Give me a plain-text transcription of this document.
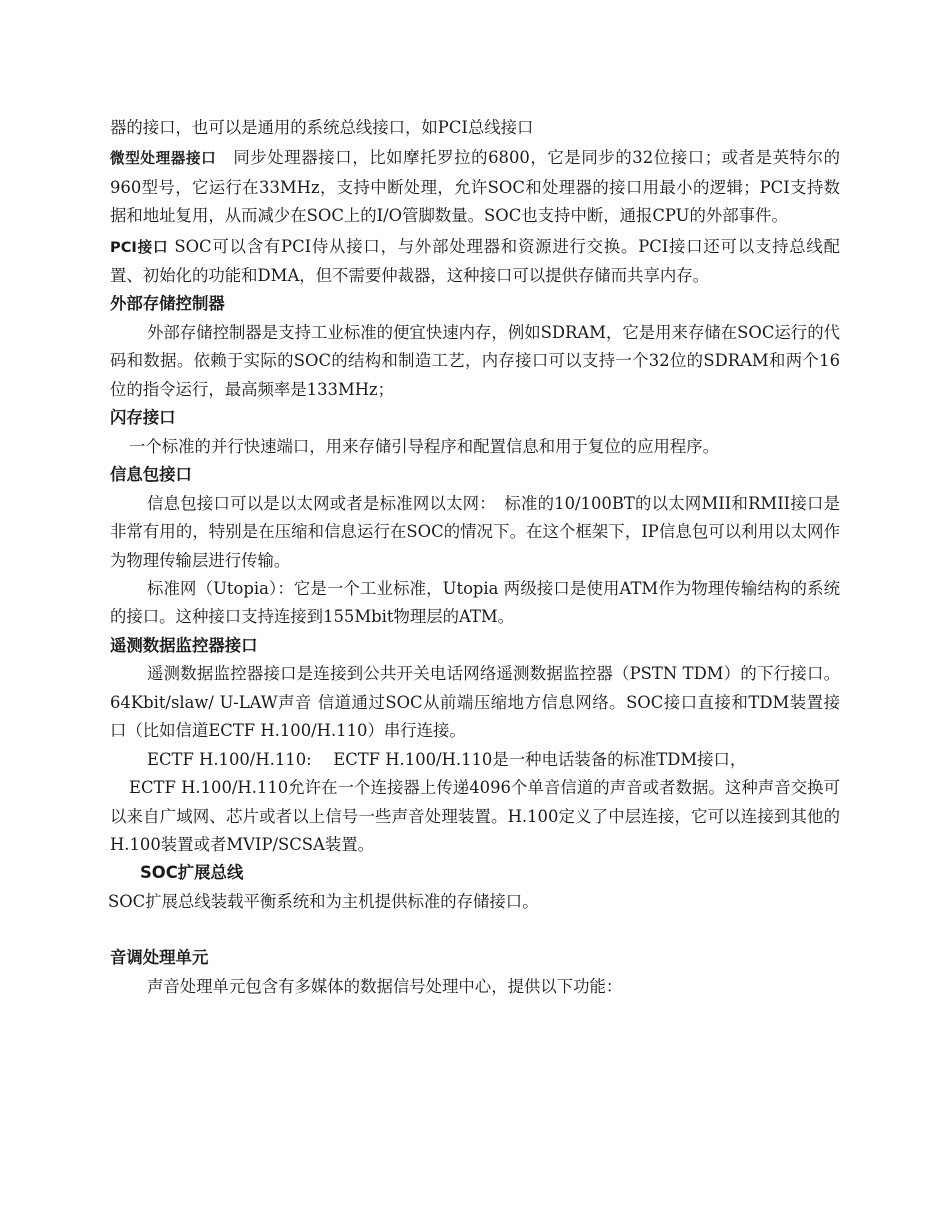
器的接口，也可以是通用的系统总线接口，如PCI总线接口

微型处理器接口　同步处理器接口，比如摩托罗拉的6800，它是同步的32位接口；或者是英特尔的960型号，它运行在33MHz，支持中断处理，允许SOC和处理器的接口用最小的逻辑；PCI支持数据和地址复用，从而减少在SOC上的I/O管脚数量。SOC也支持中断，通报CPU的外部事件。

PCI接口 SOC可以含有PCI侍从接口，与外部处理器和资源进行交换。PCI接口还可以支持总线配置、初始化的功能和DMA，但不需要仲裁器，这种接口可以提供存储而共享内存。

外部存储控制器

外部存储控制器是支持工业标准的便宜快速内存，例如SDRAM，它是用来存储在SOC运行的代码和数据。依赖于实际的SOC的结构和制造工艺，内存接口可以支持一个32位的SDRAM和两个16位的指令运行，最高频率是133MHz；

闪存接口

一个标准的并行快速端口，用来存储引导程序和配置信息和用于复位的应用程序。

信息包接口

信息包接口可以是以太网或者是标准网以太网：　标准的10/100BT的以太网MII和RMII接口是非常有用的，特别是在压缩和信息运行在SOC的情况下。在这个框架下，IP信息包可以利用以太网作为物理传输层进行传输。

标准网（Utopia）：它是一个工业标准，Utopia 两级接口是使用ATM作为物理传输结构的系统的接口。这种接口支持连接到155Mbit物理层的ATM。

遥测数据监控器接口

遥测数据监控器接口是连接到公共开关电话网络遥测数据监控器（PSTN TDM）的下行接口。64Kbit/slaw/ U-LAW声音 信道通过SOC从前端压缩地方信息网络。SOC接口直接和TDM装置接口（比如信道ECTF H.100/H.110）串行连接。

ECTF H.100/H.110:　 ECTF H.100/H.110是一种电话装备的标准TDM接口，

ECTF H.100/H.110允许在一个连接器上传递4096个单音信道的声音或者数据。这种声音交换可以来自广域网、芯片或者以上信号一些声音处理装置。H.100定义了中层连接，它可以连接到其他的H.100装置或者MVIP/SCSA装置。

SOC扩展总线

SOC扩展总线装载平衡系统和为主机提供标准的存储接口。

音调处理单元

声音处理单元包含有多媒体的数据信号处理中心，提供以下功能：
